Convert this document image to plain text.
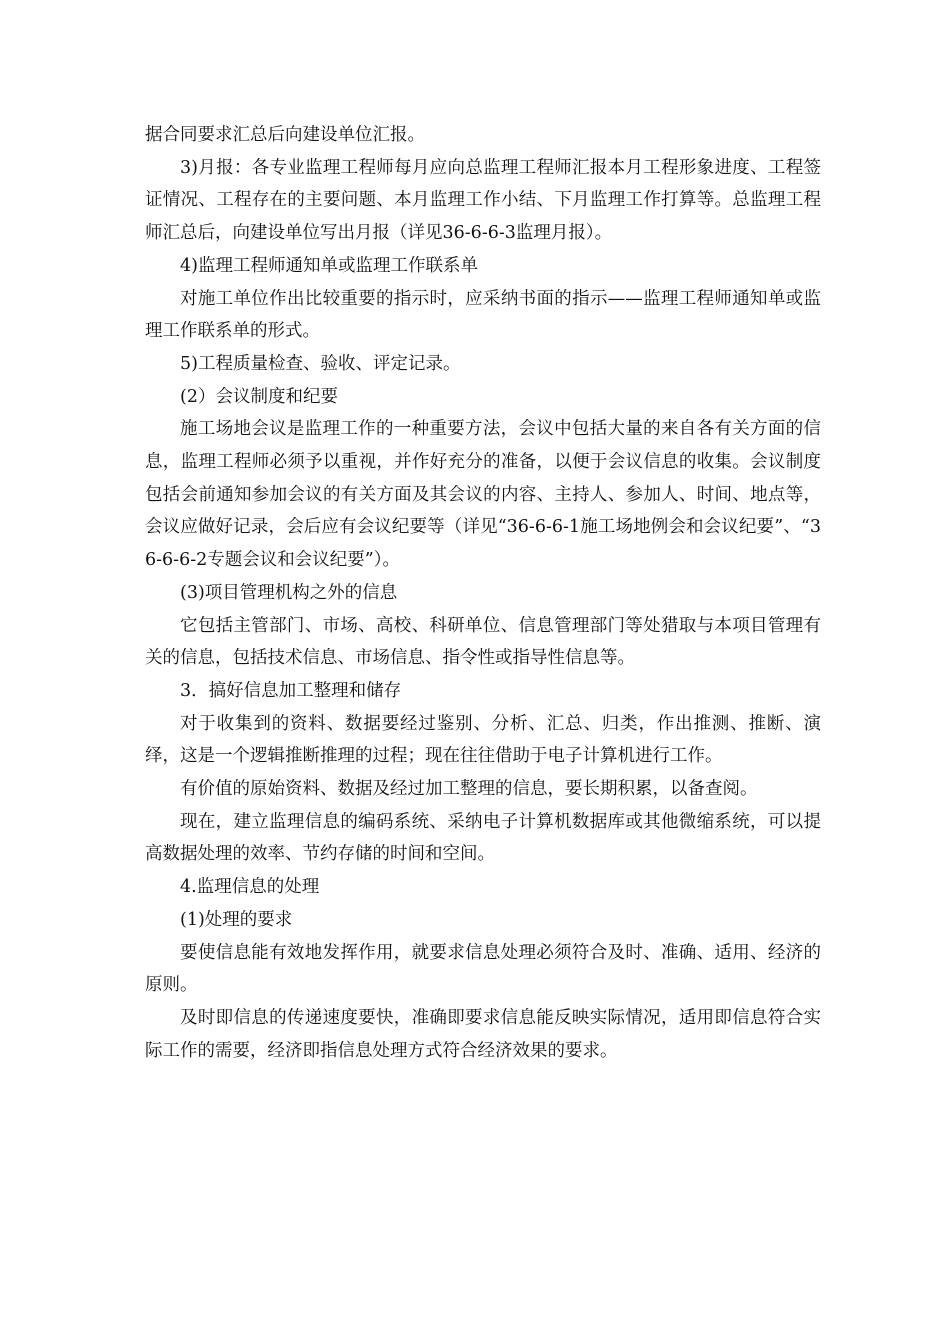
据合同要求汇总后向建设单位汇报。

3)月报：各专业监理工程师每月应向总监理工程师汇报本月工程形象进度、工程签证情况、工程存在的主要问题、本月监理工作小结、下月监理工作打算等。总监理工程师汇总后，向建设单位写出月报（详见36-6-6-3监理月报）。

4)监理工程师通知单或监理工作联系单

对施工单位作出比较重要的指示时，应采纳书面的指示——监理工程师通知单或监理工作联系单的形式。

5)工程质量检查、验收、评定记录。

(2）会议制度和纪要

施工场地会议是监理工作的一种重要方法，会议中包括大量的来自各有关方面的信息，监理工程师必须予以重视，并作好充分的准备，以便于会议信息的收集。会议制度包括会前通知参加会议的有关方面及其会议的内容、主持人、参加人、时间、地点等，会议应做好记录，会后应有会议纪要等（详见“36-6-6-1施工场地例会和会议纪要”、“36-6-6-2专题会议和会议纪要”）。

(3)项目管理机构之外的信息

它包括主管部门、市场、高校、科研单位、信息管理部门等处猎取与本项目管理有关的信息，包括技术信息、市场信息、指令性或指导性信息等。

3．搞好信息加工整理和储存

对于收集到的资料、数据要经过鉴别、分析、汇总、归类，作出推测、推断、演绎，这是一个逻辑推断推理的过程；现在往往借助于电子计算机进行工作。

有价值的原始资料、数据及经过加工整理的信息，要长期积累，以备查阅。

现在，建立监理信息的编码系统、采纳电子计算机数据库或其他微缩系统，可以提高数据处理的效率、节约存储的时间和空间。

4.监理信息的处理

(1)处理的要求

要使信息能有效地发挥作用，就要求信息处理必须符合及时、准确、适用、经济的原则。

及时即信息的传递速度要快，准确即要求信息能反映实际情况，适用即信息符合实际工作的需要，经济即指信息处理方式符合经济效果的要求。
